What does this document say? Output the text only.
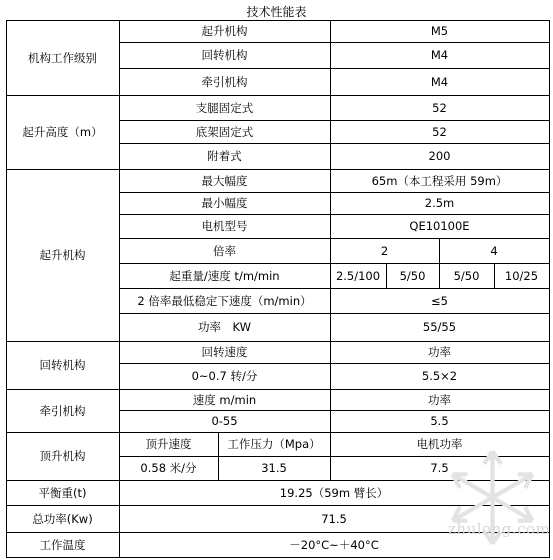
技术性能表
机构工作级别
起升机构	M5
回转机构	M4
牵引机构	M4
起升高度（m）
支腿固定式	52
底架固定式	52
附着式	200
起升机构
最大幅度	65m（本工程采用 59m）
最小幅度	2.5m
电机型号	QE10100E
倍率	2	4
起重量/速度 t/m/min	2.5/100	5/50	5/50	10/25
2 倍率最低稳定下速度（m/min）	≤5
功率　KW	55/55
回转机构
回转速度	功率
0~0.7 转/分	5.5×2
牵引机构
速度 m/min	功率
0-55	5.5
顶升机构
顶升速度	工作压力（Mpa）	电机功率
0.58 米/分	31.5	7.5
平衡重(t)	19.25（59m 臂长）
总功率(Kw)	71.5
工作温度	－20°C~＋40°C
zhulong.com
